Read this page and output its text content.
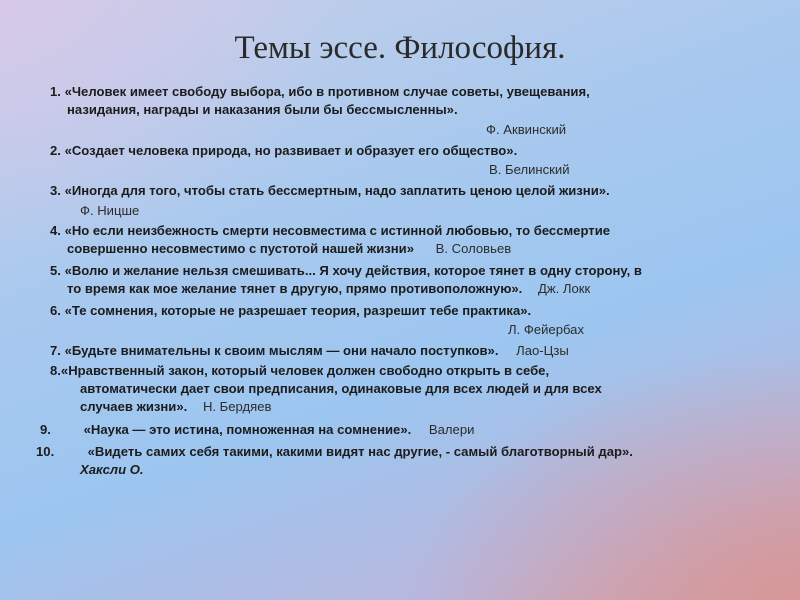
Темы эссе. Философия.
1. «Человек имеет свободу выбора, ибо в противном случае советы, увещевания,
назидания, награды и наказания были бы бессмысленны».
Ф. Аквинский
2. «Создает человека природа, но развивает и образует его общество».
В. Белинский
3. «Иногда для того, чтобы стать бессмертным, надо заплатить ценою целой жизни».
Ф. Ницше
4. «Но если неизбежность смерти несовместима с истинной любовью, то бессмертие
совершенно несовместимо с пустотой нашей жизни» В. Соловьев
5. «Волю и желание нельзя смешивать... Я хочу действия, которое тянет в одну сторону, в
то время как мое желание тянет в другую, прямо противоположную». Дж. Локк
6. «Те сомнения, которые не разрешает теория, разрешит тебе практика».
Л. Фейербах
7. «Будьте внимательны к своим мыслям — они начало поступков». Лао-Цзы
8.«Нравственный закон, который человек должен свободно открыть в себе,
автоматически дает свои предписания, одинаковые для всех людей и для всех
случаев жизни». Н. Бердяев
9. «Наука — это истина, помноженная на сомнение». Валери
10.	«Видеть самих себя такими, какими видят нас другие, - самый благотворный дар».
Хаксли О.
